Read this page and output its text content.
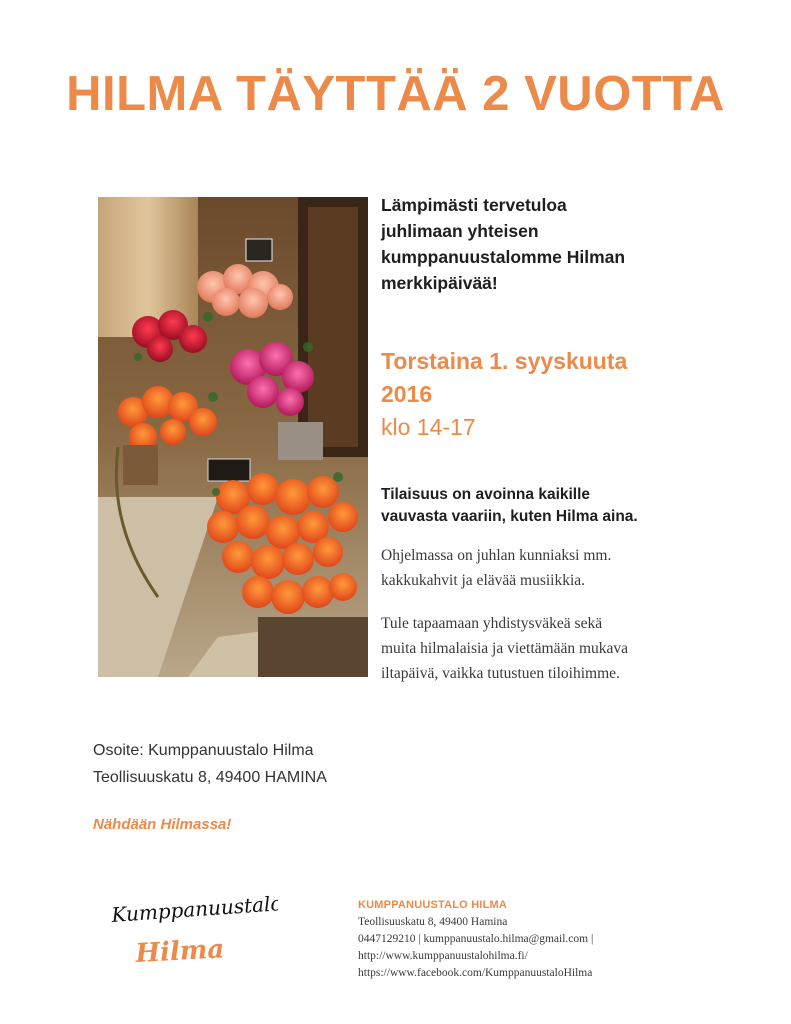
HILMA TÄYTTÄÄ 2 VUOTTA
Lämpimästi tervetuloa
juhlimaan yhteisen
kumppanuustalomme Hilman
merkkipäivää!
Torstaina 1. syyskuuta
2016
klo 14-17
Tilaisuus on avoinna kaikille
vauvasta vaariin, kuten Hilma aina.
Ohjelmassa on juhlan kunniaksi mm.
kakkukahvit ja elävää musiikkia.
Tule tapaamaan yhdistysväkeä sekä
muita hilmalaisia ja viettämään mukava
iltapäivä, vaikka tutustuen tiloihimme.
Osoite: Kumppanuustalo Hilma
Teollisuuskatu 8, 49400 HAMINA
Nähdään Hilmassa!
Kumppanuustalo
Hilma
KUMPPANUUSTALO HILMA
Teollisuuskatu 8, 49400 Hamina
0447129210 | kumppanuustalo.hilma@gmail.com |
http://www.kumppanuustalohilma.fi/
https://www.facebook.com/KumppanuustaloHilma
